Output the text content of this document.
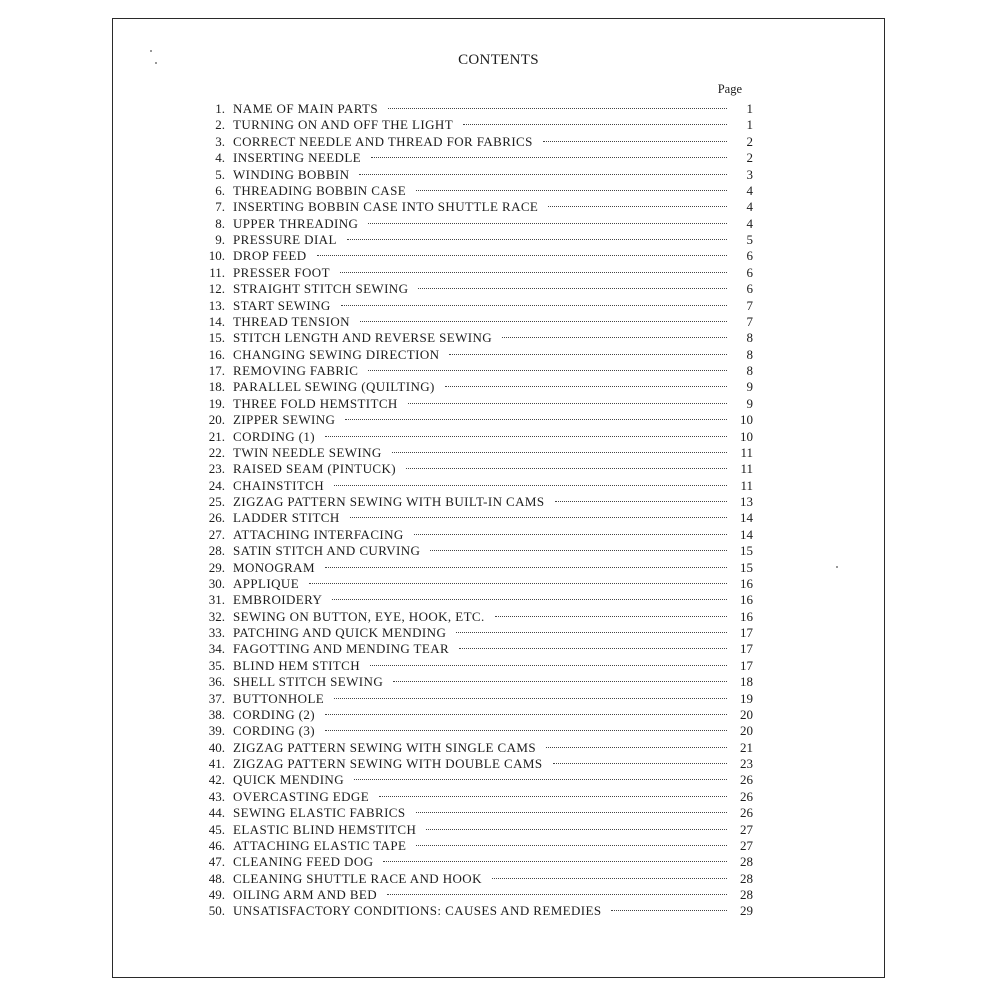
CONTENTS
Page
1. NAME OF MAIN PARTS	1
2. TURNING ON AND OFF THE LIGHT	1
3. CORRECT NEEDLE AND THREAD FOR FABRICS	2
4. INSERTING NEEDLE	2
5. WINDING BOBBIN	3
6. THREADING BOBBIN CASE	4
7. INSERTING BOBBIN CASE INTO SHUTTLE RACE	4
8. UPPER THREADING	4
9. PRESSURE DIAL	5
10. DROP FEED	6
11. PRESSER FOOT	6
12. STRAIGHT STITCH SEWING	6
13. START SEWING	7
14. THREAD TENSION	7
15. STITCH LENGTH AND REVERSE SEWING	8
16. CHANGING SEWING DIRECTION	8
17. REMOVING FABRIC	8
18. PARALLEL SEWING (QUILTING)	9
19. THREE FOLD HEMSTITCH	9
20. ZIPPER SEWING	10
21. CORDING (1)	10
22. TWIN NEEDLE SEWING	11
23. RAISED SEAM (PINTUCK)	11
24. CHAINSTITCH	11
25. ZIGZAG PATTERN SEWING WITH BUILT-IN CAMS	13
26. LADDER STITCH	14
27. ATTACHING INTERFACING	14
28. SATIN STITCH AND CURVING	15
29. MONOGRAM	15
30. APPLIQUE	16
31. EMBROIDERY	16
32. SEWING ON BUTTON, EYE, HOOK, ETC.	16
33. PATCHING AND QUICK MENDING	17
34. FAGOTTING AND MENDING TEAR	17
35. BLIND HEM STITCH	17
36. SHELL STITCH SEWING	18
37. BUTTONHOLE	19
38. CORDING (2)	20
39. CORDING (3)	20
40. ZIGZAG PATTERN SEWING WITH SINGLE CAMS	21
41. ZIGZAG PATTERN SEWING WITH DOUBLE CAMS	23
42. QUICK MENDING	26
43. OVERCASTING EDGE	26
44. SEWING ELASTIC FABRICS	26
45. ELASTIC BLIND HEMSTITCH	27
46. ATTACHING ELASTIC TAPE	27
47. CLEANING FEED DOG	28
48. CLEANING SHUTTLE RACE AND HOOK	28
49. OILING ARM AND BED	28
50. UNSATISFACTORY CONDITIONS: CAUSES AND REMEDIES	29
